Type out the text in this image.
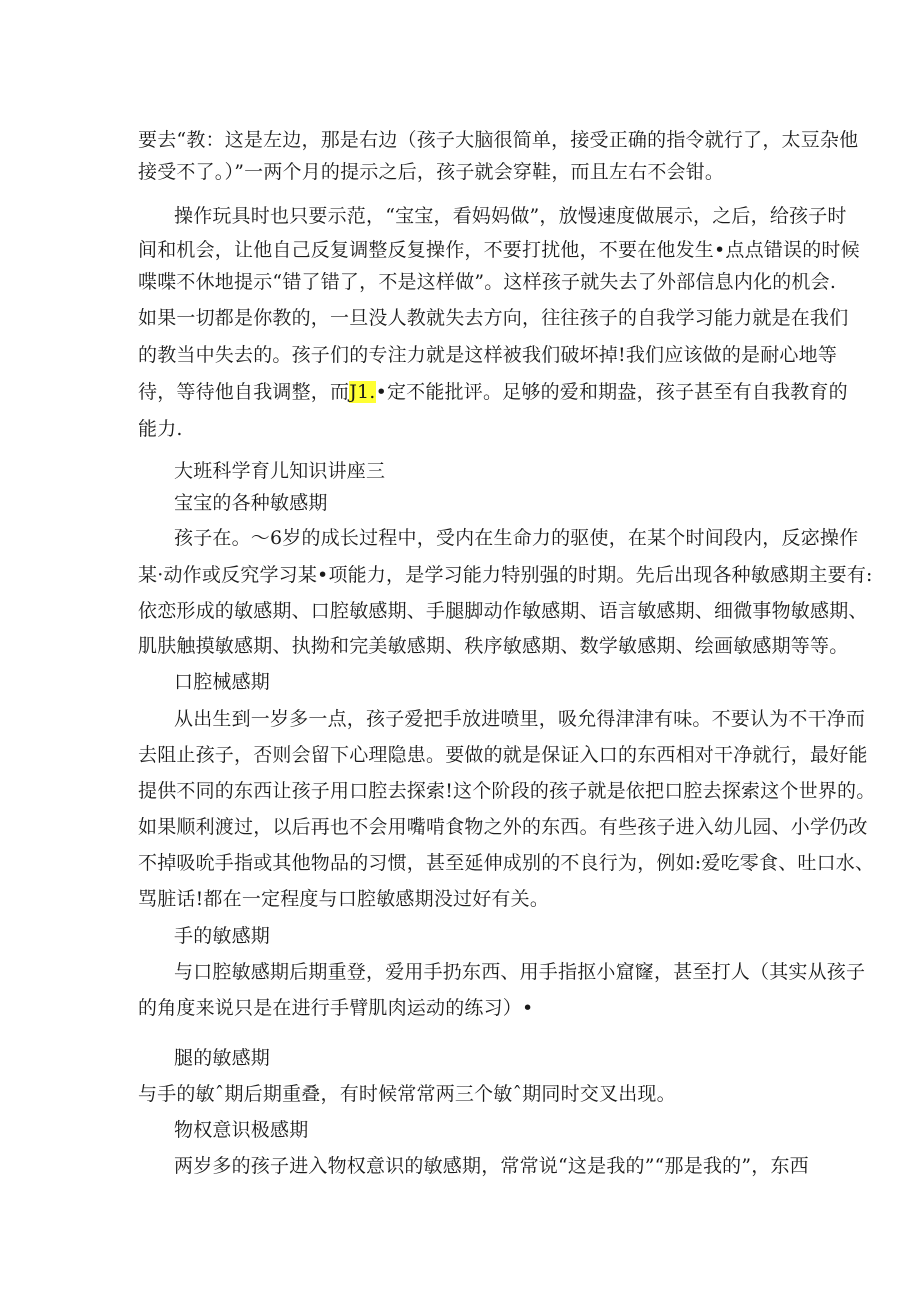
要去“教：这是左边，那是右边（孩子大脑很简单，接受正确的指令就行了，太豆杂他
接受不了。）”一两个月的提示之后，孩子就会穿鞋，而且左右不会钳。
操作玩具时也只要示范，“宝宝，看妈妈做”，放慢速度做展示，之后，给孩子时
间和机会，让他自己反复调整反复操作，不要打扰他，不要在他发生•点点错误的时候
喋喋不休地提示“错了错了，不是这样做”。这样孩子就失去了外部信息内化的机会.
如果一切都是你教的，一旦没人教就失去方向，往往孩子的自我学习能力就是在我们
的教当中失去的。孩子们的专注力就是这样被我们破坏掉!我们应该做的是耐心地等
待，等待他自我调整，而J1.•定不能批评。足够的爱和期盎，孩子甚至有自我教育的
能力.
大班科学育儿知识讲座三
宝宝的各种敏感期
孩子在。～6岁的成长过程中，受内在生命力的驱使，在某个时间段内，反宓操作
某·动作或反究学习某•项能力，是学习能力特别强的时期。先后出现各种敏感期主要有:
依恋形成的敏感期、口腔敏感期、手腿脚动作敏感期、语言敏感期、细微事物敏感期、
肌肤触摸敏感期、执拗和完美敏感期、秩序敏感期、数学敏感期、绘画敏感期等等。
口腔械感期
从出生到一岁多一点，孩子爱把手放进喷里，吸允得津津有味。不要认为不干净而
去阻止孩子，否则会留下心理隐患。要做的就是保证入口的东西相对干净就行，最好能
提供不同的东西让孩子用口腔去探索!这个阶段的孩子就是依把口腔去探索这个世界的。
如果顺利渡过，以后再也不会用嘴啃食物之外的东西。有些孩子进入幼儿园、小学仍改
不掉吸吮手指或其他物品的习惯，甚至延伸成别的不良行为，例如:爱吃零食、吐口水、
骂脏话!都在一定程度与口腔敏感期没过好有关。
手的敏感期
与口腔敏感期后期重登，爱用手扔东西、用手指抠小窟窿，甚至打人（其实从孩子
的角度来说只是在进行手臂肌肉运动的练习）•
腿的敏感期
与手的敏ˆ期后期重叠，有时候常常两三个敏ˆ期同时交叉出现。
物权意识极感期
两岁多的孩子进入物权意识的敏感期，常常说“这是我的”“那是我的”，东西
